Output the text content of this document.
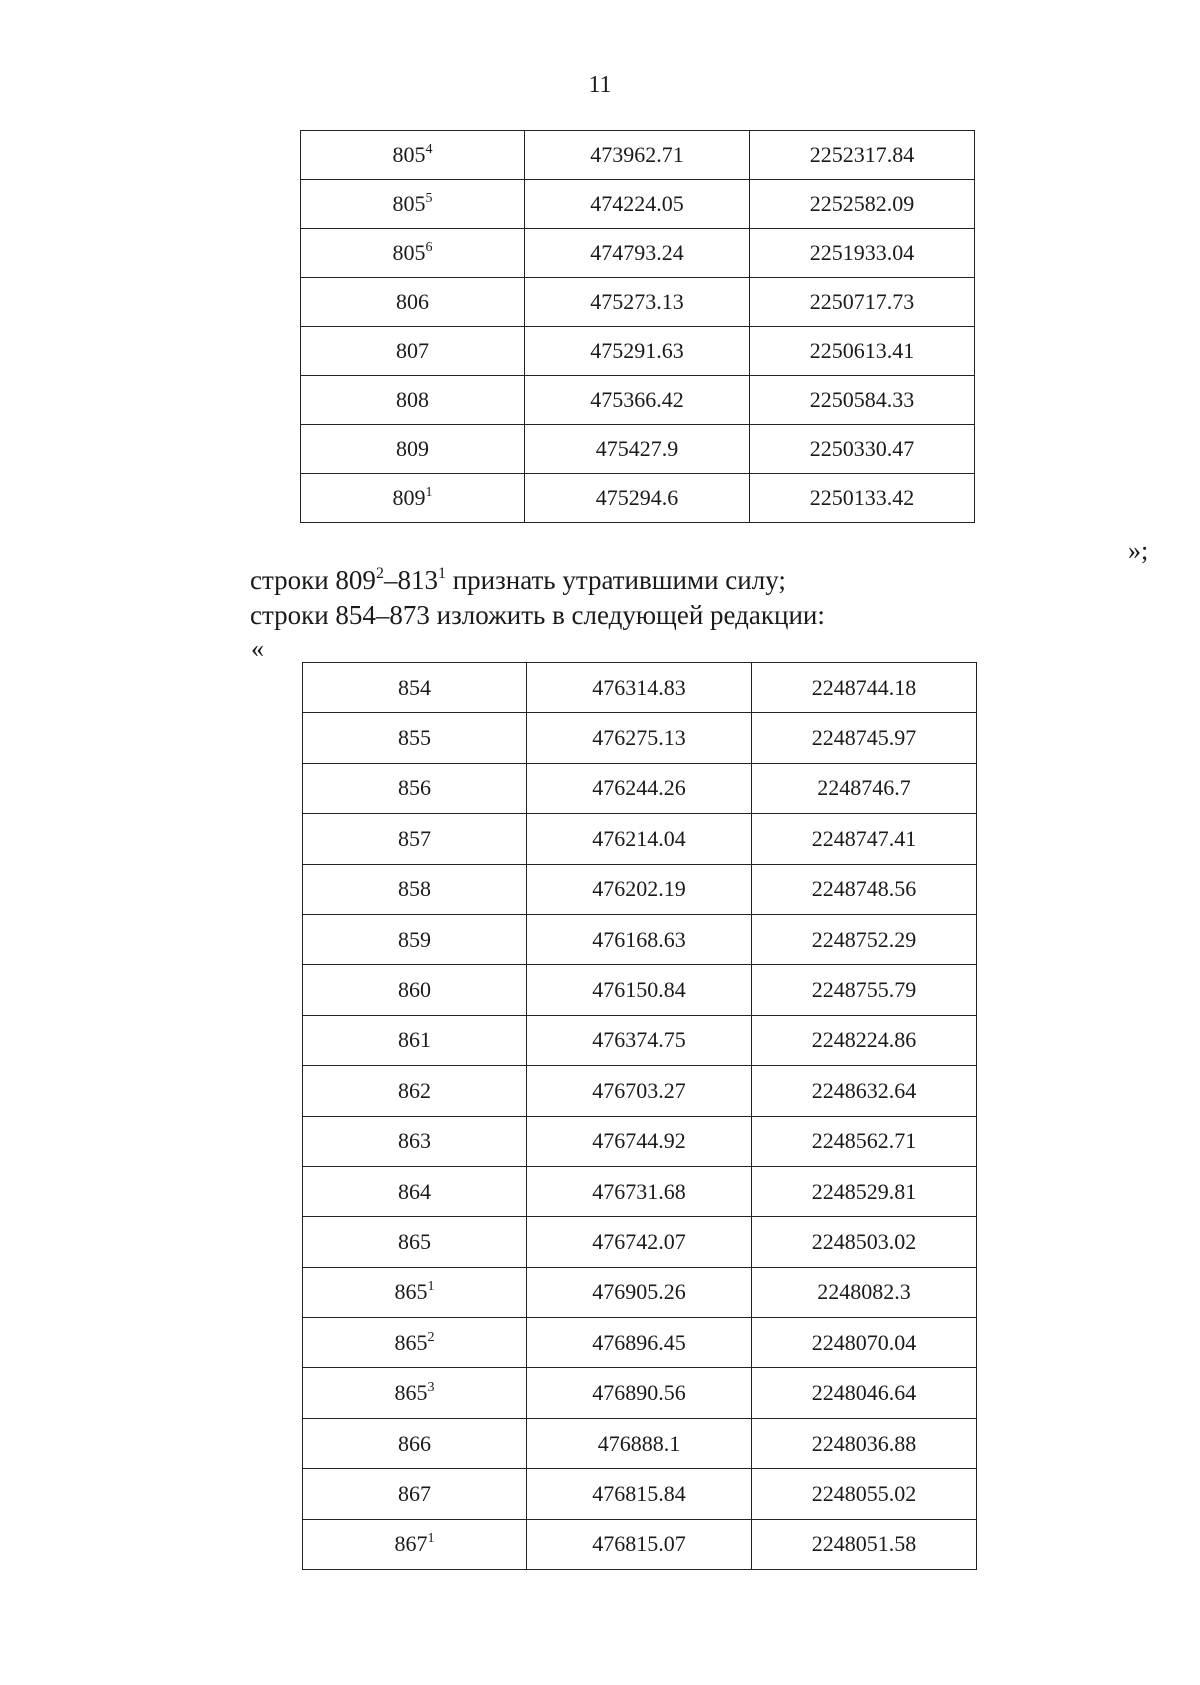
11
$805^4$	473962.71	2252317.84
$805^5$	474224.05	2252582.09
$805^6$	474793.24	2251933.04
806	475273.13	2250717.73
807	475291.63	2250613.41
808	475366.42	2250584.33
809	475427.9	2250330.47
$809^1$	475294.6	2250133.42
»;
строки $809^2-813^1$ признать утратившими силу;
строки 854–873 изложить в следующей редакции:
«
854	476314.83	2248744.18
855	476275.13	2248745.97
856	476244.26	2248746.7
857	476214.04	2248747.41
858	476202.19	2248748.56
859	476168.63	2248752.29
860	476150.84	2248755.79
861	476374.75	2248224.86
862	476703.27	2248632.64
863	476744.92	2248562.71
864	476731.68	2248529.81
865	476742.07	2248503.02
$865^1$	476905.26	2248082.3
$865^2$	476896.45	2248070.04
$865^3$	476890.56	2248046.64
866	476888.1	2248036.88
867	476815.84	2248055.02
$867^1$	476815.07	2248051.58
